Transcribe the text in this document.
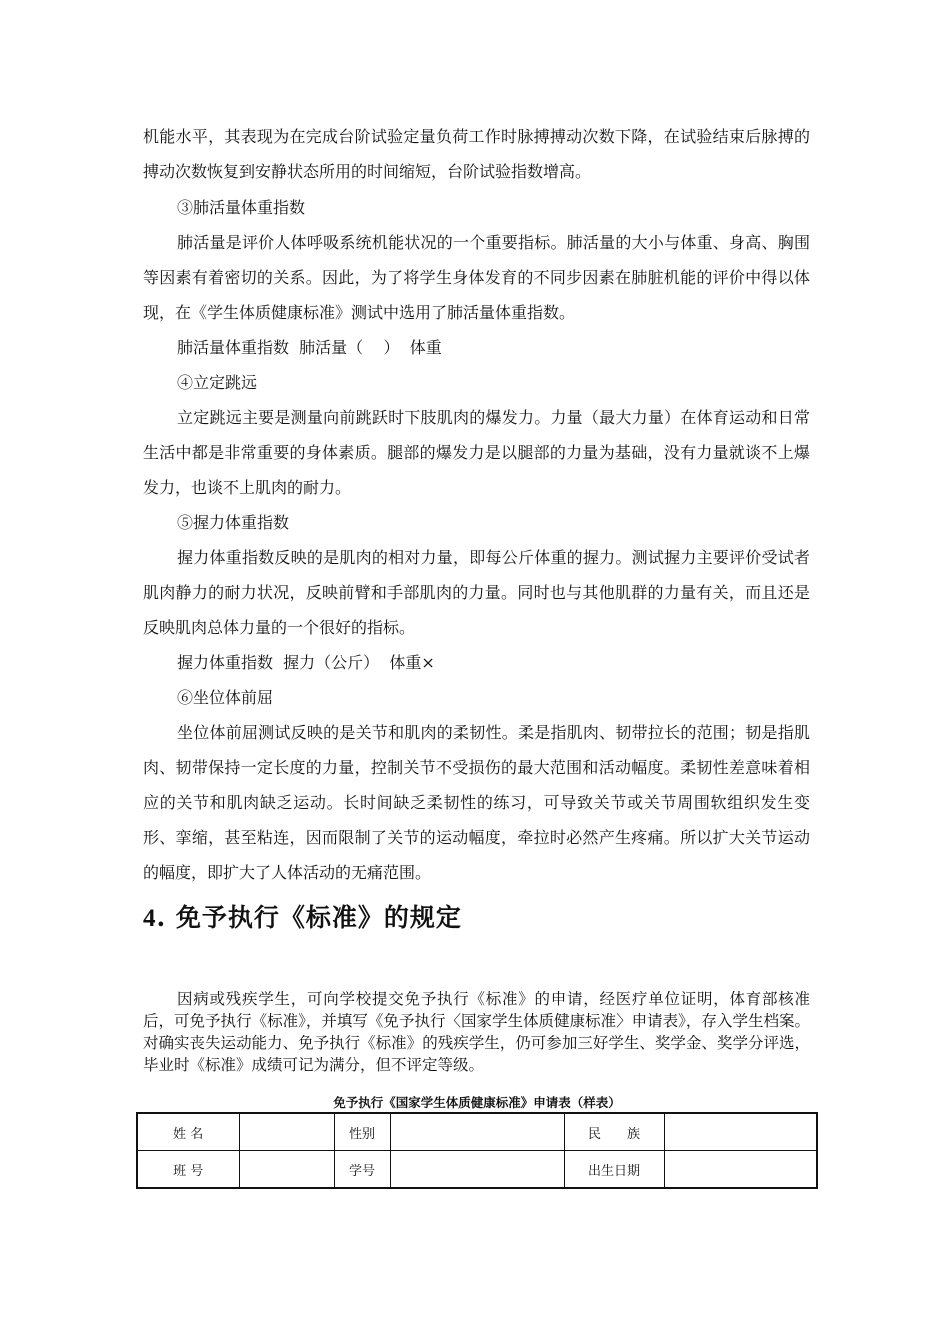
机能水平，其表现为在完成台阶试验定量负荷工作时脉搏搏动次数下降，在试验结束后脉搏的搏动次数恢复到安静状态所用的时间缩短，台阶试验指数增高。

③肺活量体重指数

肺活量是评价人体呼吸系统机能状况的一个重要指标。肺活量的大小与体重、身高、胸围等因素有着密切的关系。因此，为了将学生身体发育的不同步因素在肺脏机能的评价中得以体现，在《学生体质健康标准》测试中选用了肺活量体重指数。

肺活量体重指数  肺活量（    ）  体重

④立定跳远

立定跳远主要是测量向前跳跃时下肢肌肉的爆发力。力量（最大力量）在体育运动和日常生活中都是非常重要的身体素质。腿部的爆发力是以腿部的力量为基础，没有力量就谈不上爆发力，也谈不上肌肉的耐力。

⑤握力体重指数

握力体重指数反映的是肌肉的相对力量，即每公斤体重的握力。测试握力主要评价受试者肌肉静力的耐力状况，反映前臂和手部肌肉的力量。同时也与其他肌群的力量有关，而且还是反映肌肉总体力量的一个很好的指标。

握力体重指数  握力（公斤）  体重×

⑥坐位体前屈

坐位体前屈测试反映的是关节和肌肉的柔韧性。柔是指肌肉、韧带拉长的范围；韧是指肌肉、韧带保持一定长度的力量，控制关节不受损伤的最大范围和活动幅度。柔韧性差意味着相应的关节和肌肉缺乏运动。长时间缺乏柔韧性的练习，可导致关节或关节周围软组织发生变形、挛缩，甚至粘连，因而限制了关节的运动幅度，牵拉时必然产生疼痛。所以扩大关节运动的幅度，即扩大了人体活动的无痛范围。

4. 免予执行《标准》的规定

因病或残疾学生，可向学校提交免予执行《标准》的申请，经医疗单位证明，体育部核准后，可免予执行《标准》，并填写《免予执行〈国家学生体质健康标准〉申请表》，存入学生档案。对确实丧失运动能力、免予执行《标准》的残疾学生，仍可参加三好学生、奖学金、奖学分评选，毕业时《标准》成绩可记为满分，但不评定等级。

免予执行《国家学生体质健康标准》申请表（样表）

姓 名		性别		民　　族	
班 号		学号		出生日期	
